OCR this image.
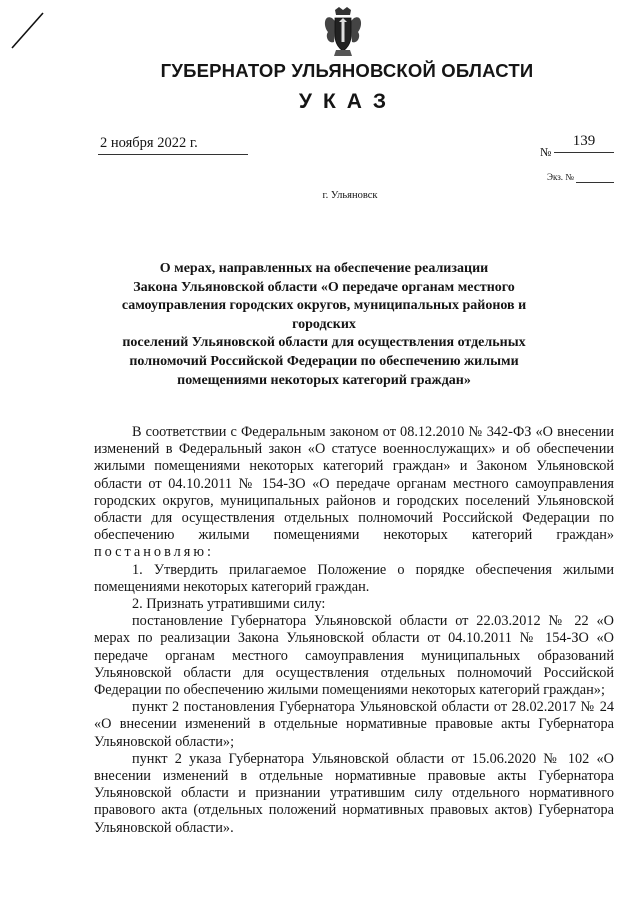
ГУБЕРНАТОР УЛЬЯНОВСКОЙ ОБЛАСТИ
УКАЗ
2 ноября 2022 г.
№
139
Экз. №
г. Ульяновск
О мерах, направленных на обеспечение реализации
Закона Ульяновской области «О передаче органам местного
самоуправления городских округов, муниципальных районов и городских
поселений Ульяновской области для осуществления отдельных
полномочий Российской Федерации по обеспечению жилыми
помещениями некоторых категорий граждан»

В соответствии с Федеральным законом от 08.12.2010 № 342-ФЗ «О внесении изменений в Федеральный закон «О статусе военнослужащих» и об обеспечении жилыми помещениями некоторых категорий граждан» и Законом Ульяновской области от 04.10.2011 № 154-ЗО «О передаче органам местного самоуправления городских округов, муниципальных районов и городских поселений Ульяновской области для осуществления отдельных полномочий Российской Федерации по обеспечению жилыми помещениями некоторых категорий граждан» постановляю:

1. Утвердить прилагаемое Положение о порядке обеспечения жилыми помещениями некоторых категорий граждан.

2. Признать утратившими силу:

постановление Губернатора Ульяновской области от 22.03.2012 № 22 «О мерах по реализации Закона Ульяновской области от 04.10.2011 № 154-ЗО «О передаче органам местного самоуправления муниципальных образований Ульяновской области для осуществления отдельных полномочий Российской Федерации по обеспечению жилыми помещениями некоторых категорий граждан»;

пункт 2 постановления Губернатора Ульяновской области от 28.02.2017 № 24 «О внесении изменений в отдельные нормативные правовые акты Губернатора Ульяновской области»;

пункт 2 указа Губернатора Ульяновской области от 15.06.2020 № 102 «О внесении изменений в отдельные нормативные правовые акты Губернатора Ульяновской области и признании утратившим силу отдельного нормативного правового акта (отдельных положений нормативных правовых актов) Губернатора Ульяновской области».
